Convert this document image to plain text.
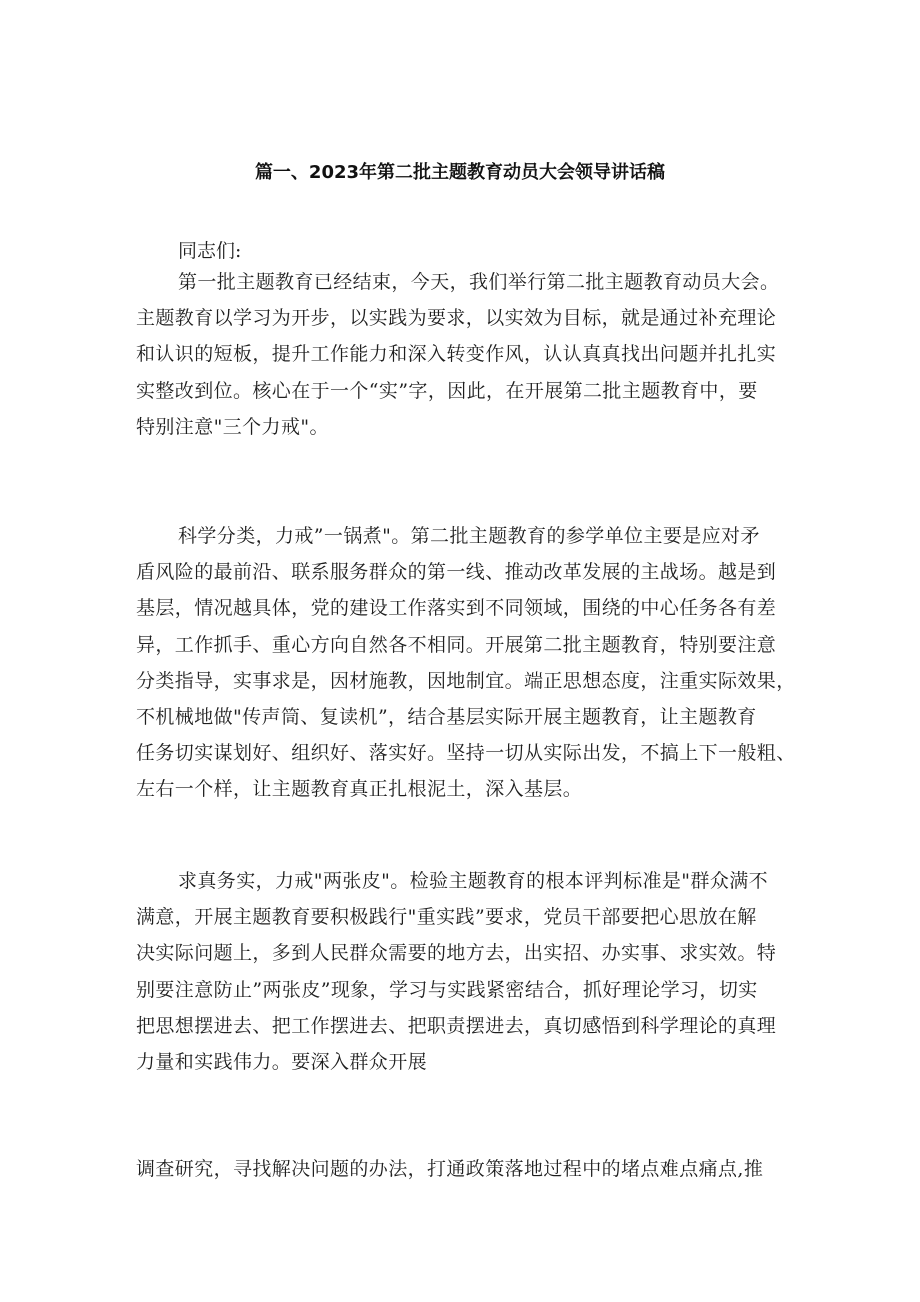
篇一、2023年第二批主题教育动员大会领导讲话稿
同志们:
第一批主题教育已经结束，今天，我们举行第二批主题教育动员大会。
主题教育以学习为开步，以实践为要求，以实效为目标，就是通过补充理论
和认识的短板，提升工作能力和深入转变作风，认认真真找出问题并扎扎实
实整改到位。核心在于一个“实”字，因此，在开展第二批主题教育中，要
特别注意"三个力戒"。
科学分类，力戒”一锅煮"。第二批主题教育的参学单位主要是应对矛
盾风险的最前沿、联系服务群众的第一线、推动改革发展的主战场。越是到
基层，情况越具体，党的建设工作落实到不同领域，围绕的中心任务各有差
异，工作抓手、重心方向自然各不相同。开展第二批主题教育，特别要注意
分类指导，实事求是，因材施教，因地制宜。端正思想态度，注重实际效果，
不机械地做"传声筒、复读机”，结合基层实际开展主题教育，让主题教育
任务切实谋划好、组织好、落实好。坚持一切从实际出发，不搞上下一般粗、
左右一个样，让主题教育真正扎根泥土，深入基层。
求真务实，力戒"两张皮"。检验主题教育的根本评判标准是"群众满不
满意，开展主题教育要积极践行"重实践”要求，党员干部要把心思放在解
决实际问题上，多到人民群众需要的地方去，出实招、办实事、求实效。特
别要注意防止”两张皮”现象，学习与实践紧密结合，抓好理论学习，切实
把思想摆进去、把工作摆进去、把职责摆进去，真切感悟到科学理论的真理
力量和实践伟力。要深入群众开展
调查研究，寻找解决问题的办法，打通政策落地过程中的堵点难点痛点,推
